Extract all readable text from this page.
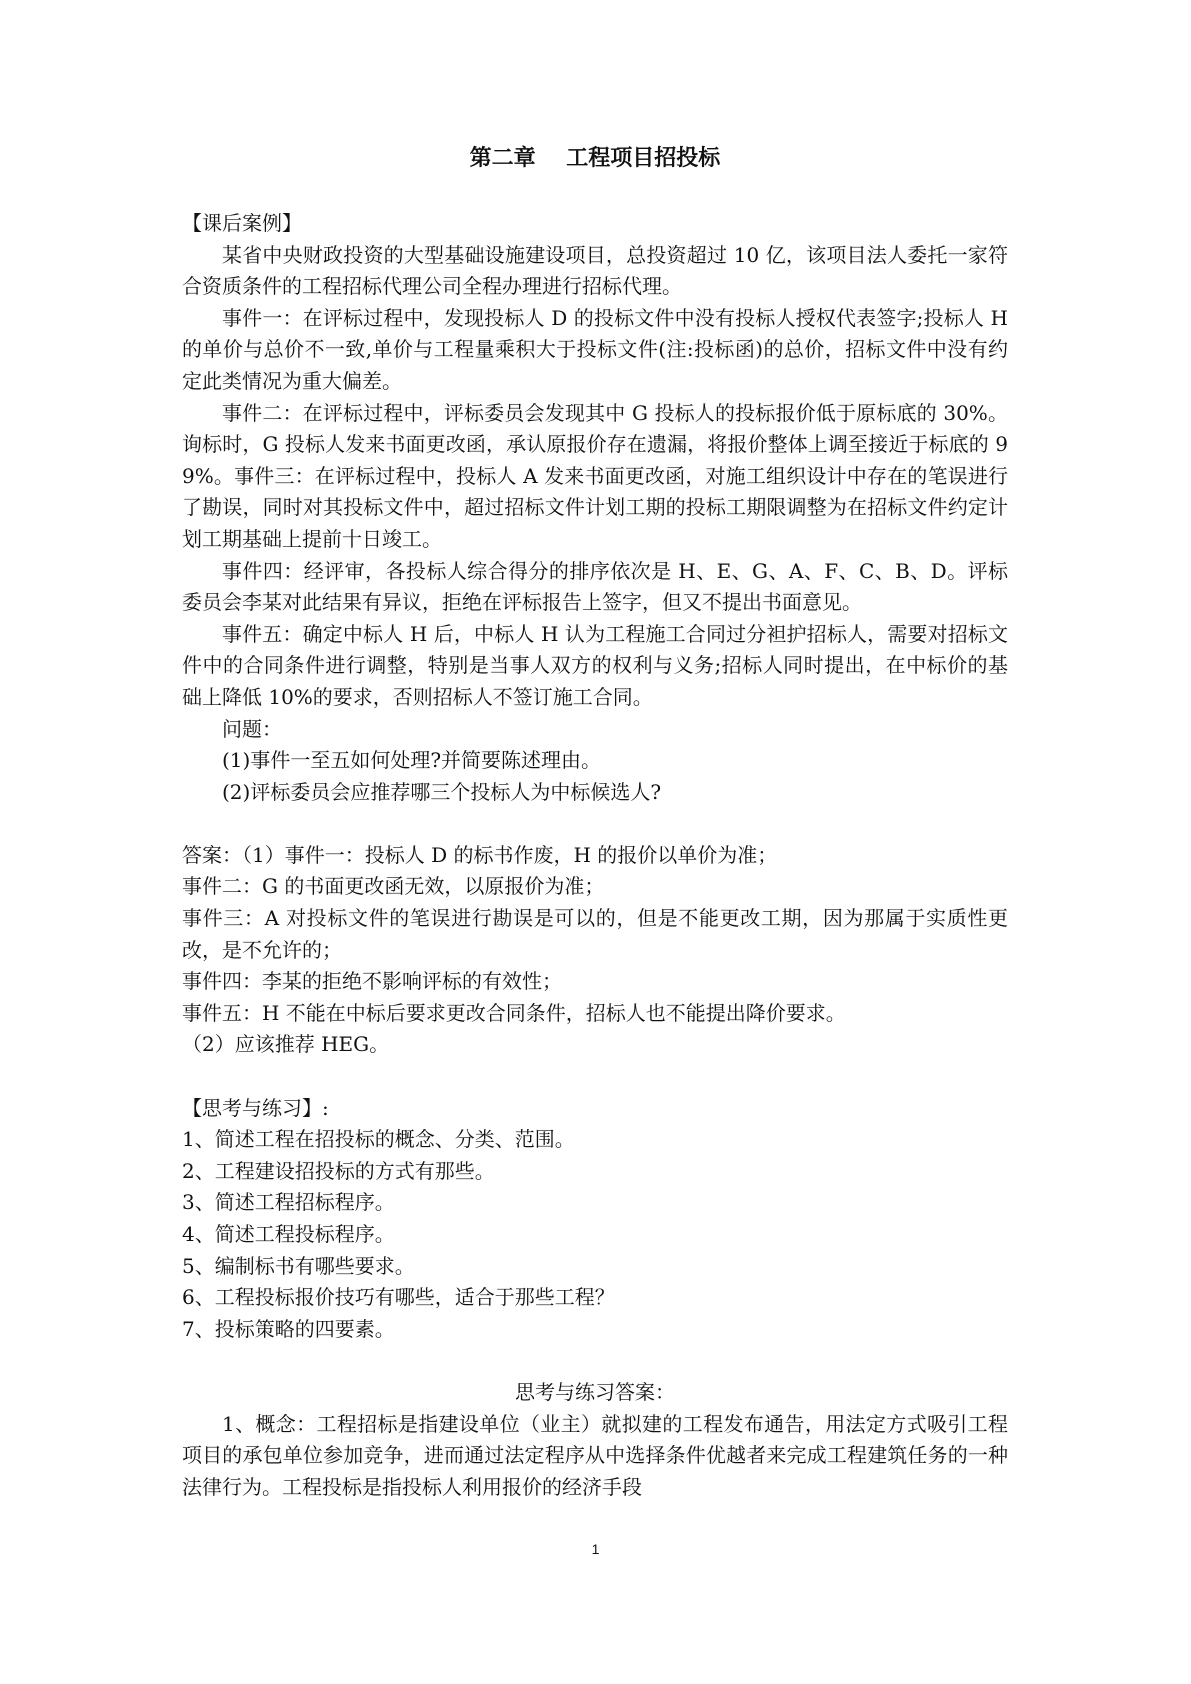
第二章    工程项目招投标
【课后案例】

某省中央财政投资的大型基础设施建设项目，总投资超过 10 亿，该项目法人委托一家符合资质条件的工程招标代理公司全程办理进行招标代理。

事件一：在评标过程中，发现投标人 D 的投标文件中没有投标人授权代表签字;投标人 H 的单价与总价不一致,单价与工程量乘积大于投标文件(注:投标函)的总价，招标文件中没有约定此类情况为重大偏差。

事件二：在评标过程中，评标委员会发现其中 G 投标人的投标报价低于原标底的 30%。询标时，G 投标人发来书面更改函，承认原报价存在遗漏，将报价整体上调至接近于标底的 99%。事件三：在评标过程中，投标人 A 发来书面更改函，对施工组织设计中存在的笔误进行了勘误，同时对其投标文件中，超过招标文件计划工期的投标工期限调整为在招标文件约定计划工期基础上提前十日竣工。

事件四：经评审，各投标人综合得分的排序依次是 H、E、G、A、F、C、B、D。评标委员会李某对此结果有异议，拒绝在评标报告上签字，但又不提出书面意见。

事件五：确定中标人 H 后，中标人 H 认为工程施工合同过分袒护招标人，需要对招标文件中的合同条件进行调整，特别是当事人双方的权利与义务;招标人同时提出，在中标价的基础上降低 10%的要求，否则招标人不签订施工合同。

问题：

(1)事件一至五如何处理?并简要陈述理由。

(2)评标委员会应推荐哪三个投标人为中标候选人?

答案：（1）事件一：投标人 D 的标书作废，H 的报价以单价为准；

事件二：G 的书面更改函无效，以原报价为准；

事件三：A 对投标文件的笔误进行勘误是可以的，但是不能更改工期，因为那属于实质性更改，是不允许的；

事件四：李某的拒绝不影响评标的有效性；

事件五：H 不能在中标后要求更改合同条件，招标人也不能提出降价要求。

（2）应该推荐 HEG。

【思考与练习】:
1、简述工程在招投标的概念、分类、范围。
2、工程建设招投标的方式有那些。
3、简述工程招标程序。
4、简述工程投标程序。
5、编制标书有哪些要求。
6、工程投标报价技巧有哪些，适合于那些工程？
7、投标策略的四要素。
思考与练习答案：

1、概念：工程招标是指建设单位（业主）就拟建的工程发布通告，用法定方式吸引工程项目的承包单位参加竞争，进而通过法定程序从中选择条件优越者来完成工程建筑任务的一种法律行为。工程投标是指投标人利用报价的经济手段

1
